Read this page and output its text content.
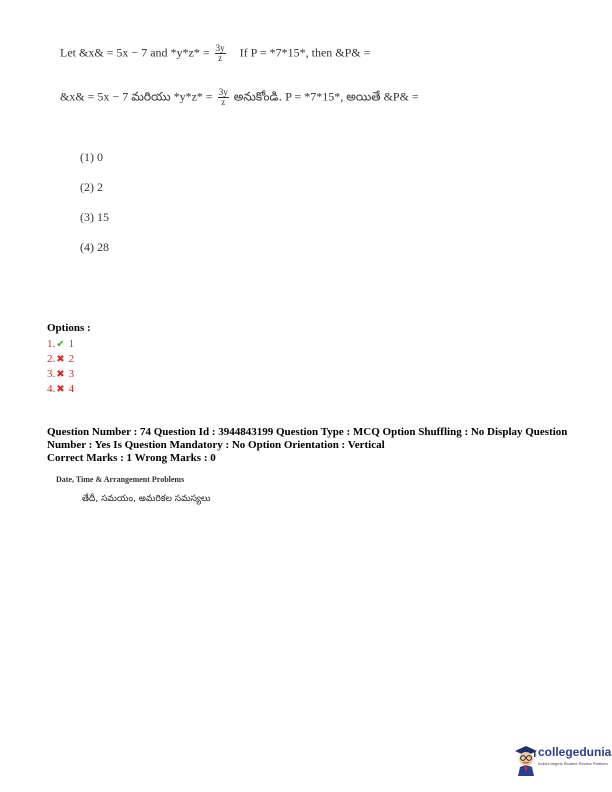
Let &x& = 5x − 7 and $*y*z* = \frac{3y}{z}$ If P = *7*15*, then &P& =
&x& = 5x − 7 మరియు $*y*z* = \frac{3y}{z}$ అనుకోండి. P = *7*15*, అయితే &P& =
(1) 0
(2) 2
(3) 15
(4) 28
Options :
1.✔ 1
2.✖ 2
3.✖ 3
4.✖ 4

Question Number : 74 Question Id : 3944843199 Question Type : MCQ Option Shuffling : No Display Question Number : Yes Is Question Mandatory : No Option Orientation : Vertical

Correct Marks : 1 Wrong Marks : 0

Date, Time & Arrangement Problems
తేదీ, సమయం, అమరికల సమస్యలు
collegedunia
India's largest Student Review Platform
